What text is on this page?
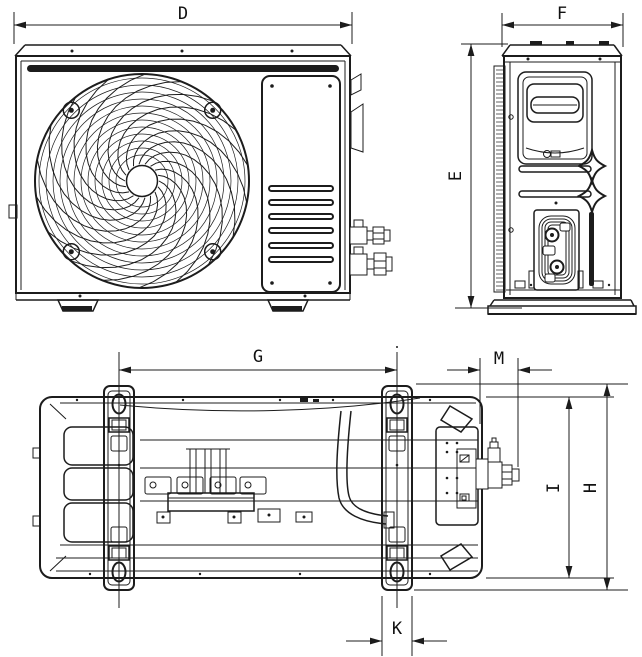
D	F
E
G	M
I H
K
